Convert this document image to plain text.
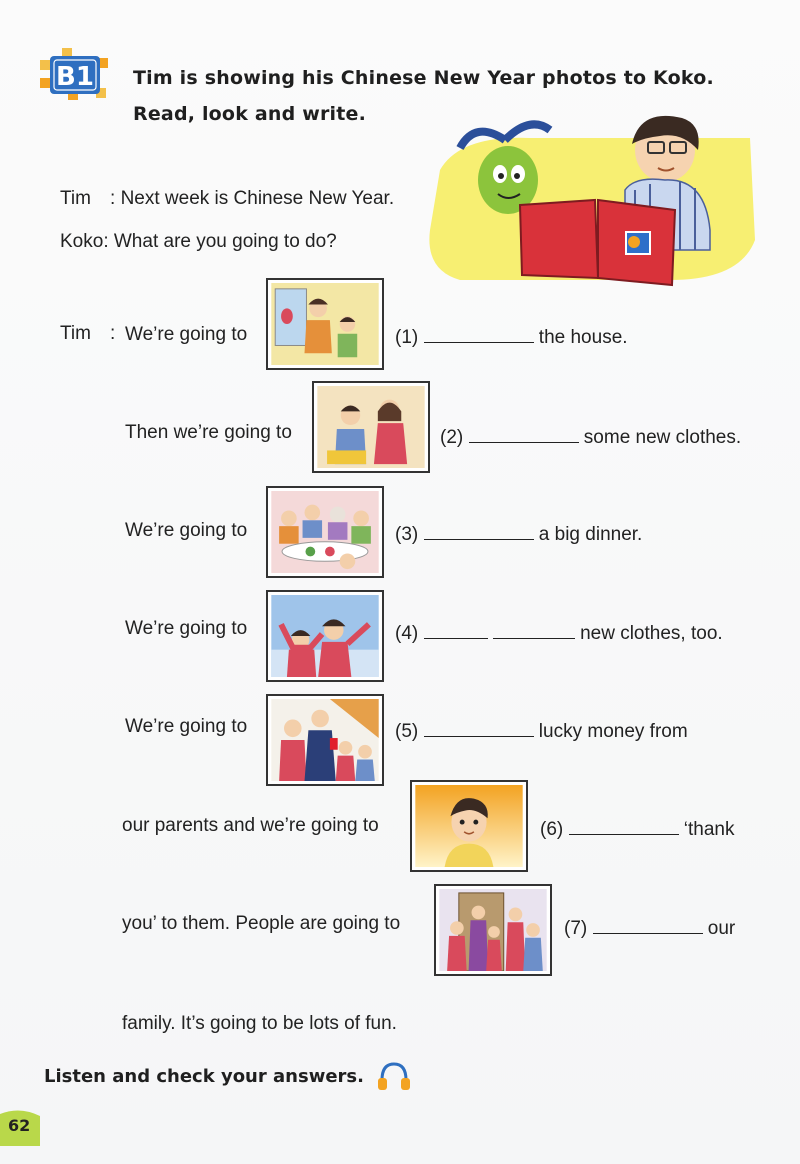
B1 Tim is showing his Chinese New Year photos to Koko.
Read, look and write.
Tim : Next week is Chinese New Year.
Koko: What are you going to do?
Tim : We’re going to	(1)	the house.
Then we’re going to	(2)	some new clothes.
We’re going to	(3)	a big dinner.
We’re going to	(4)	new clothes, too.
We’re going to	(5)	lucky money from
our parents and we’re going to	(6)	‘thank
you’ to them. People are going to	(7)	our
family. It’s going to be lots of fun.
Listen and check your answers.
62
